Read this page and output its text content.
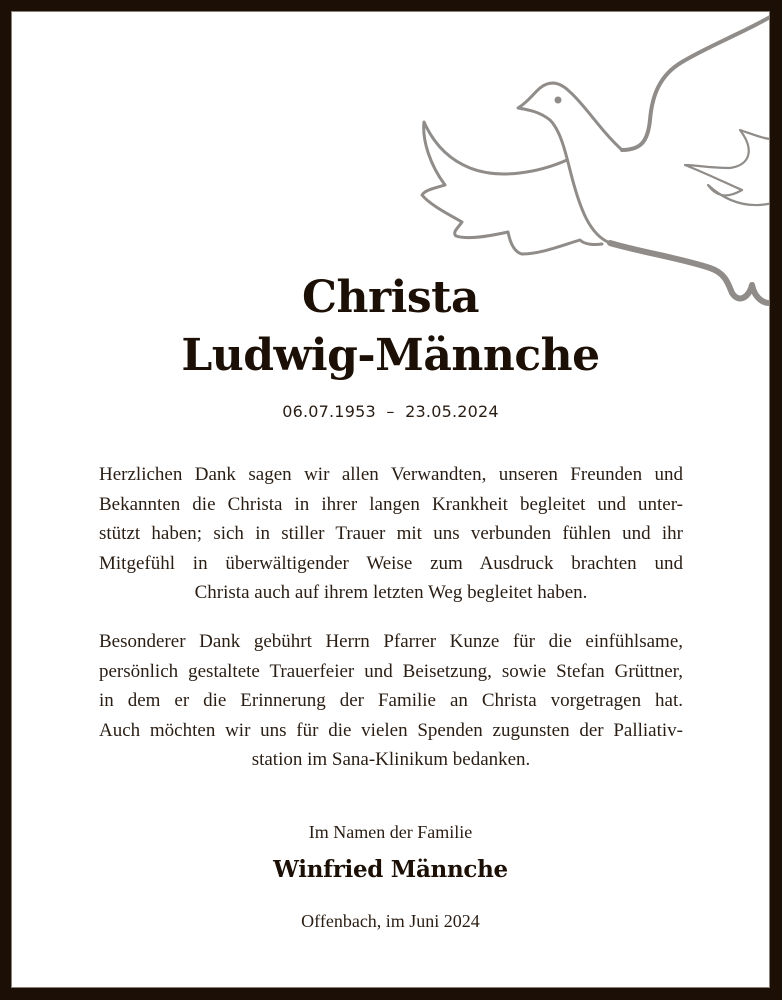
Christa
Ludwig-Männche
06.07.1953  –  23.05.2024
Herzlichen Dank sagen wir allen Verwandten, unseren Freunden und
Bekannten die Christa in ihrer langen Krankheit begleitet und unter-
stützt haben; sich in stiller Trauer mit uns verbunden fühlen und ihr
Mitgefühl in überwältigender Weise zum Ausdruck brachten und
Christa auch auf ihrem letzten Weg begleitet haben.
Besonderer Dank gebührt Herrn Pfarrer Kunze für die einfühlsame,
persönlich gestaltete Trauerfeier und Beisetzung, sowie Stefan Grüttner,
in dem er die Erinnerung der Familie an Christa vorgetragen hat.
Auch möchten wir uns für die vielen Spenden zugunsten der Palliativ-
station im Sana-Klinikum bedanken.
Im Namen der Familie
Winfried Männche
Offenbach, im Juni 2024
